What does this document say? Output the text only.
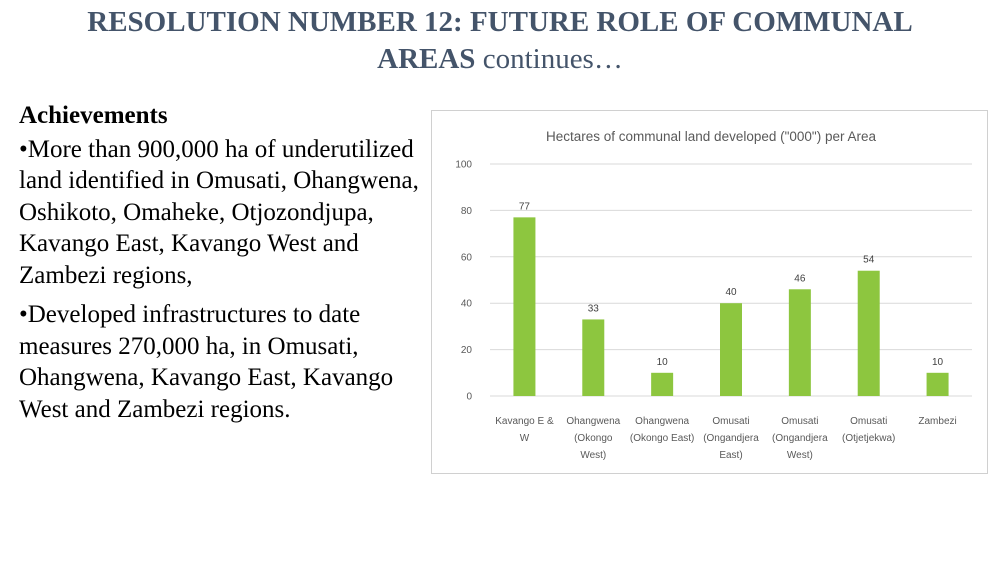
RESOLUTION NUMBER 12: FUTURE ROLE OF COMMUNAL
AREAS continues…
Achievements
•More than 900,000 ha of underutilized land identified in Omusati, Ohangwena, Oshikoto, Omaheke, Otjozondjupa, Kavango East, Kavango West and Zambezi regions,
•Developed infrastructures to date measures 270,000 ha, in Omusati, Ohangwena, Kavango East, Kavango West and Zambezi regions.
Hectares of communal land developed ("000") per Area
0
20
40
60
80
100
77
Kavango E &
W
33
Ohangwena
(Okongo
West)
10
Ohangwena
(Okongo East)
40
Omusati
(Ongandjera
East)
46
Omusati
(Ongandjera
West)
54
Omusati
(Otjetjekwa)
10
Zambezi
